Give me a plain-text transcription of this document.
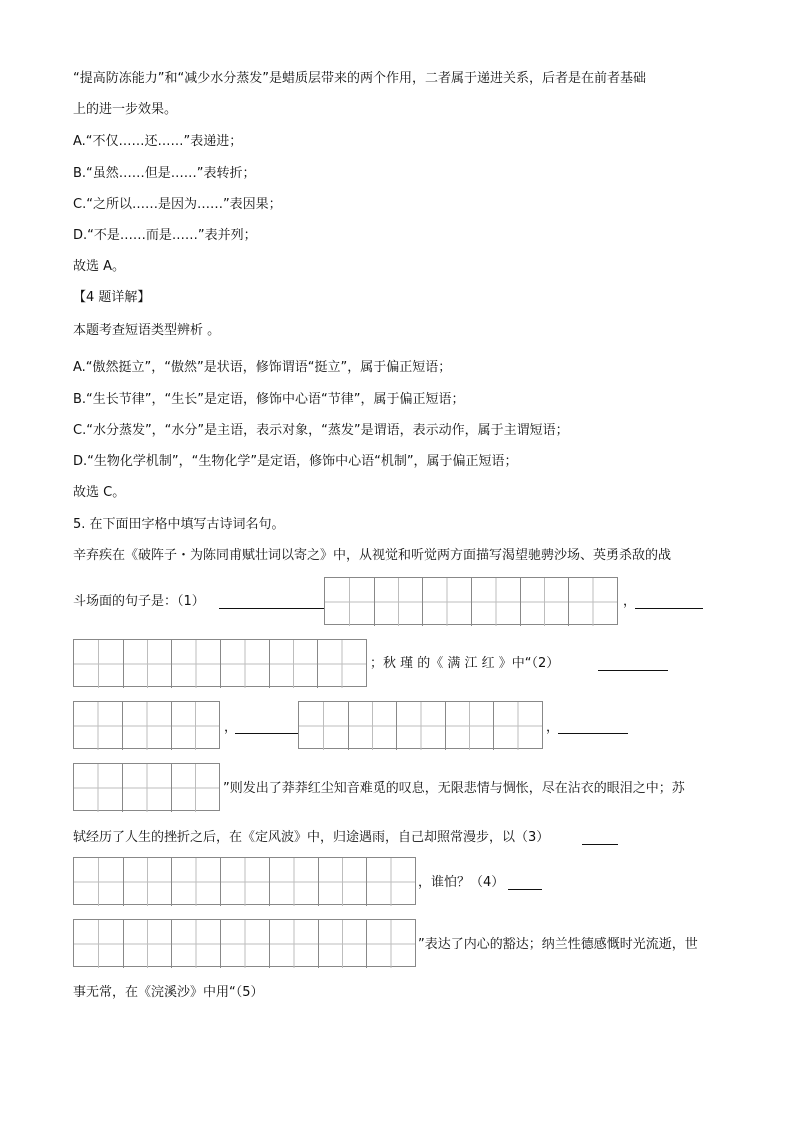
“提高防冻能力”和“减少水分蒸发”是蜡质层带来的两个作用，二者属于递进关系，后者是在前者基础
上的进一步效果。
A.“不仅……还……”表递进；
B.“虽然……但是……”表转折；
C.“之所以……是因为……”表因果；
D.“不是……而是……”表并列；
故选 A。
【4 题详解】
本题考查短语类型辨析 。
A.“傲然挺立”，“傲然”是状语，修饰谓语“挺立”，属于偏正短语；
B.“生长节律”，“生长”是定语，修饰中心语“节律”，属于偏正短语；
C.“水分蒸发”，“水分”是主语，表示对象，“蒸发”是谓语，表示动作，属于主谓短语；
D.“生物化学机制”，“生物化学”是定语，修饰中心语“机制”，属于偏正短语；
故选 C。
5. 在下面田字格中填写古诗词名句。
辛弃疾在《破阵子・为陈同甫赋壮词以寄之》中，从视觉和听觉两方面描写渴望驰骋沙场、英勇杀敌的战
斗场面的句子是：（1）	，
；秋 瑾 的《 满 江 红 》中“（2）
，	，
”则发出了莽莽红尘知音难觅的叹息，无限悲情与惆怅，尽在沾衣的眼泪之中；苏
轼经历了人生的挫折之后，在《定风波》中，归途遇雨，自己却照常漫步，以（3）
，谁怕？（4）
”表达了内心的豁达；纳兰性德感慨时光流逝，世
事无常，在《浣溪沙》中用“（5）
